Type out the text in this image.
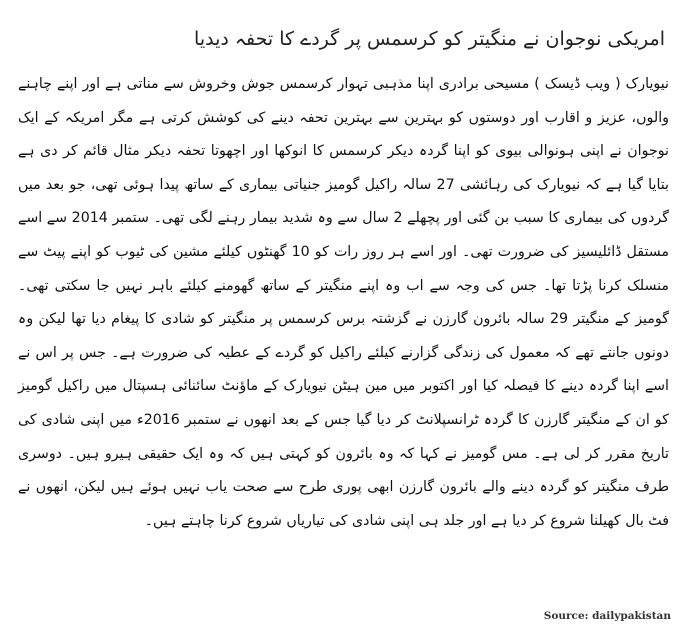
امریکی نوجوان نے منگیتر کو کرسمس پر گردے کا تحفہ دیدیا

نیویارک ( ویب ڈیسک ) مسیحی برادری اپنا مذہبی تہوار کرسمس جوش وخروش سے مناتی ہے اور اپنے چاہنے والوں، عزیز و اقارب اور دوستوں کو بہترین سے بہترین تحفہ دینے کی کوشش کرتی ہے مگر امریکہ کے ایک نوجوان نے اپنی ہونوالی بیوی کو اپنا گردہ دیکر کرسمس کا انوکھا اور اچھوتا تحفہ دیکر مثال قائم کر دی ہے بتایا گیا ہے کہ نیویارک کی رہائشی 27 سالہ راکیل گومیز جنیاتی بیماری کے ساتھ پیدا ہوئی تھی، جو بعد میں گردوں کی بیماری کا سبب بن گئی اور پچھلے 2 سال سے وہ شدید بیمار رہنے لگی تھی۔ ستمبر 2014 سے اسے مستقل ڈائلیسیز کی ضرورت تھی۔ اور اسے ہر روز رات کو 10 گھنٹوں کیلئے مشین کی ٹیوب کو اپنے پیٹ سے منسلک کرنا پڑتا تھا۔ جس کی وجہ سے اب وہ اپنے منگیتر کے ساتھ گھومنے کیلئے باہر نہیں جا سکتی تھی۔ گومیز کے منگیتر 29 سالہ بائرون گارزن نے گزشتہ برس کرسمس پر منگیتر کو شادی کا پیغام دیا تھا لیکن وہ دونوں جانتے تھے کہ معمول کی زندگی گزارنے کیلئے راکیل کو گردے کے عطیہ کی ضرورت ہے۔ جس پر اس نے اسے اپنا گردہ دینے کا فیصلہ کیا اور اکتوبر میں مین ہیٹن نیویارک کے ماؤنٹ سائنائی ہسپتال میں راکیل گومیز کو ان کے منگیتر گارزن کا گردہ ٹرانسپلانٹ کر دیا گیا جس کے بعد انھوں نے ستمبر 2016ء میں اپنی شادی کی تاریخ مقرر کر لی ہے۔ مس گومیز نے کہا کہ وہ بائرون کو کہتی ہیں کہ وہ ایک حقیقی ہیرو ہیں۔ دوسری طرف منگیتر کو گردہ دینے والے بائرون گارزن ابھی پوری طرح سے صحت یاب نہیں ہوئے ہیں لیکن، انھوں نے فٹ بال کھیلنا شروع کر دیا ہے اور جلد ہی اپنی شادی کی تیاریاں شروع کرنا چاہتے ہیں۔

Source: dailypakistan
